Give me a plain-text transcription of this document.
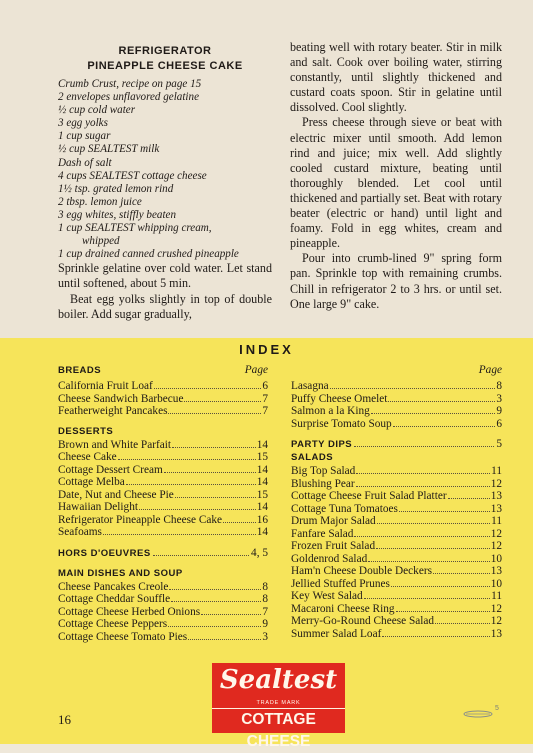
REFRIGERATOR
PINEAPPLE CHEESE CAKE
Crumb Crust, recipe on page 15
2 envelopes unflavored gelatine
½ cup cold water
3 egg yolks
1 cup sugar
½ cup SEALTEST milk
Dash of salt
4 cups SEALTEST cottage cheese
1½ tsp. grated lemon rind
2 tbsp. lemon juice
3 egg whites, stiffly beaten
1 cup SEALTEST whipping cream,
whipped
1 cup drained canned crushed pineapple

Sprinkle gelatine over cold water. Let stand until softened, about 5 min.

Beat egg yolks slightly in top of double boiler. Add sugar gradually,

beating well with rotary beater. Stir in milk and salt. Cook over boiling water, stirring constantly, until slightly thickened and custard coats spoon. Stir in gelatine until dissolved. Cool slightly.

Press cheese through sieve or beat with electric mixer until smooth. Add lemon rind and juice; mix well. Add slightly cooled custard mixture, beating until thoroughly blended. Let cool until thickened and partially set. Beat with rotary beater (electric or hand) until light and foamy. Fold in egg whites, cream and pineapple.

Pour into crumb-lined 9" spring form pan. Sprinkle top with remaining crumbs. Chill in refrigerator 2 to 3 hrs. or until set. One large 9" cake.

INDEX
BREADS	Page
California Fruit Loaf	6
Cheese Sandwich Barbecue	7
Featherweight Pancakes	7
DESSERTS
Brown and White Parfait	14
Cheese Cake	15
Cottage Dessert Cream	14
Cottage Melba	14
Date, Nut and Cheese Pie	15
Hawaiian Delight	14
Refrigerator Pineapple Cheese Cake	16
Seafoams	14
HORS D'OEUVRES	4, 5
MAIN DISHES AND SOUP
Cheese Pancakes Creole	8
Cottage Cheddar Souffle	8
Cottage Cheese Herbed Onions	7
Cottage Cheese Peppers	9
Cottage Cheese Tomato Pies	3
Page
Lasagna	8
Puffy Cheese Omelet	3
Salmon a la King	9
Surprise Tomato Soup	6
PARTY DIPS	5
SALADS
Big Top Salad	11
Blushing Pear	12
Cottage Cheese Fruit Salad Platter	13
Cottage Tuna Tomatoes	13
Drum Major Salad	11
Fanfare Salad	12
Frozen Fruit Salad	12
Goldenrod Salad	10
Ham'n Cheese Double Deckers	13
Jellied Stuffed Prunes	10
Key West Salad	11
Macaroni Cheese Ring	12
Merry-Go-Round Cheese Salad	12
Summer Salad Loaf	13
Sealtest
TRADE MARK
COTTAGE CHEESE
16
5
